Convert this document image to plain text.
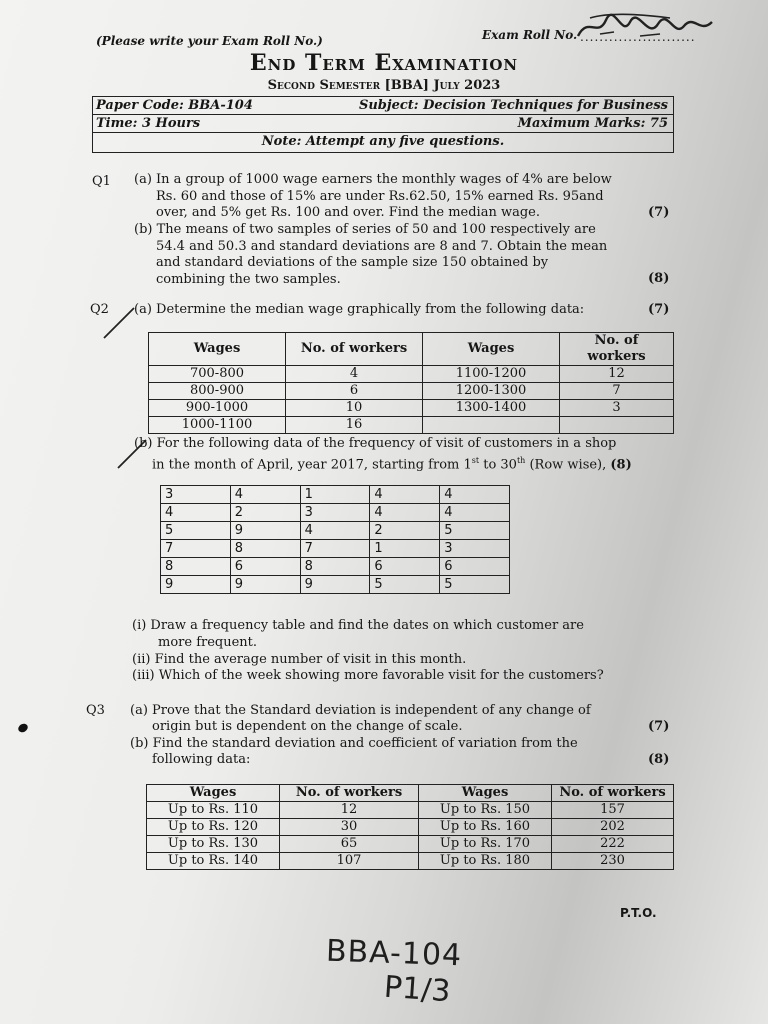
(Please write your Exam Roll No.)	Exam Roll No. ........................
End Term Examination
Second Semester [BBA] July 2023
Paper Code: BBA-104	Subject: Decision Techniques for Business
Time: 3 Hours	Maximum Marks: 75
Note: Attempt any five questions.
Q1 (a) In a group of 1000 wage earners the monthly wages of 4% are below
Rs. 60 and those of 15% are under Rs.62.50, 15% earned Rs. 95and
over, and 5% get Rs. 100 and over. Find the median wage.	(7)
(b) The means of two samples of series of 50 and 100 respectively are
54.4 and 50.3 and standard deviations are 8 and 7. Obtain the mean
and standard deviations of the sample size 150 obtained by
combining the two samples.	(8)
Q2 (a) Determine the median wage graphically from the following data:	(7)
Wages	No. of workers	Wages	No. of workers
700-800	4	1100-1200	12
800-900	6	1200-1300	7
900-1000	10	1300-1400	3
1000-1100	16		
(b) For the following data of the frequency of visit of customers in a shop
in the month of April, year 2017, starting from 1st to 30th (Row wise), (8)
3	4	1	4	4
4	2	3	4	4
5	9	4	2	5
7	8	7	1	3
8	6	8	6	6
9	9	9	5	5
(i) Draw a frequency table and find the dates on which customer are
more frequent.
(ii) Find the average number of visit in this month.
(iii) Which of the week showing more favorable visit for the customers?
Q3 (a) Prove that the Standard deviation is independent of any change of
origin but is dependent on the change of scale.	(7)
(b) Find the standard deviation and coefficient of variation from the
following data:	(8)
Wages	No. of workers	Wages	No. of workers
Up to Rs. 110	12	Up to Rs. 150	157
Up to Rs. 120	30	Up to Rs. 160	202
Up to Rs. 130	65	Up to Rs. 170	222
Up to Rs. 140	107	Up to Rs. 180	230
P.T.O.
BBA-104
P1/3
